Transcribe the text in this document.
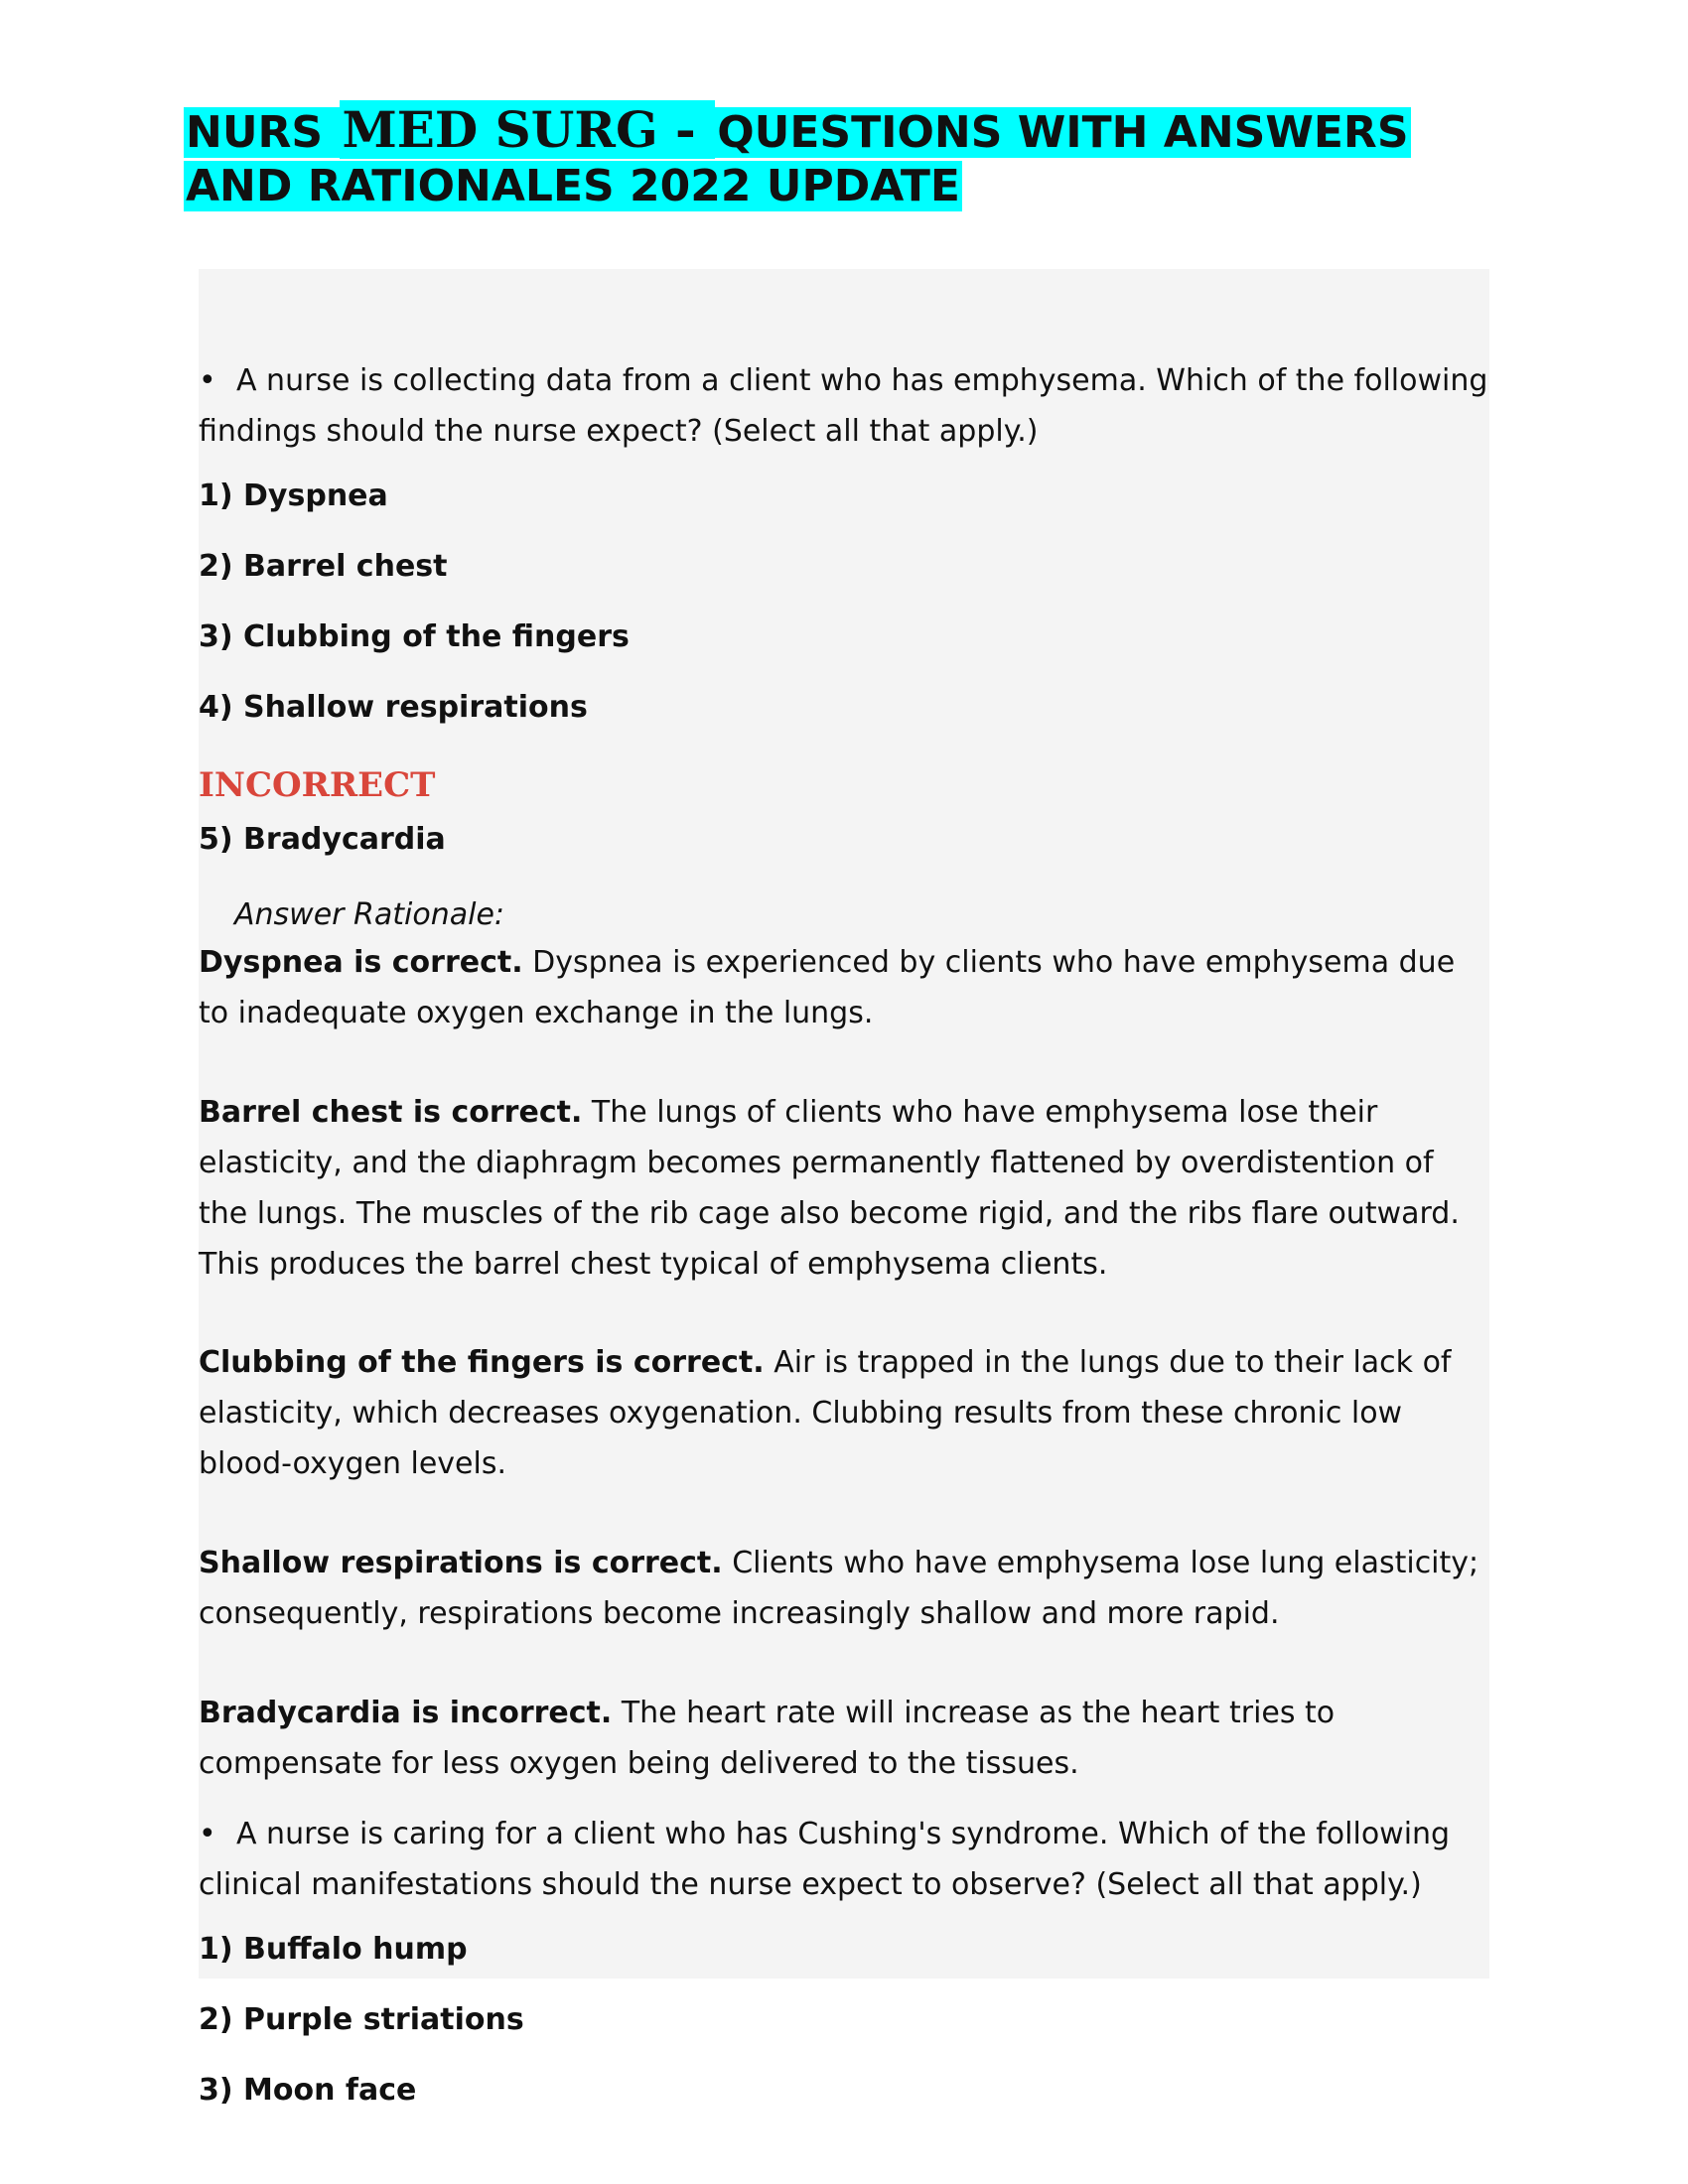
NURS MED SURG - QUESTIONS WITH ANSWERS AND RATIONALES 2022 UPDATE

• A nurse is collecting data from a client who has emphysema. Which of the following findings should the nurse expect? (Select all that apply.)

1) Dyspnea

2) Barrel chest

3) Clubbing of the fingers

4) Shallow respirations

INCORRECT

5) Bradycardia

Answer Rationale:

Dyspnea is correct. Dyspnea is experienced by clients who have emphysema due to inadequate oxygen exchange in the lungs.

Barrel chest is correct. The lungs of clients who have emphysema lose their elasticity, and the diaphragm becomes permanently flattened by overdistention of the lungs. The muscles of the rib cage also become rigid, and the ribs flare outward. This produces the barrel chest typical of emphysema clients.

Clubbing of the fingers is correct. Air is trapped in the lungs due to their lack of elasticity, which decreases oxygenation. Clubbing results from these chronic low blood-oxygen levels.

Shallow respirations is correct. Clients who have emphysema lose lung elasticity; consequently, respirations become increasingly shallow and more rapid.

Bradycardia is incorrect. The heart rate will increase as the heart tries to compensate for less oxygen being delivered to the tissues.

• A nurse is caring for a client who has Cushing's syndrome. Which of the following clinical manifestations should the nurse expect to observe? (Select all that apply.)

1) Buffalo hump

2) Purple striations

3) Moon face
